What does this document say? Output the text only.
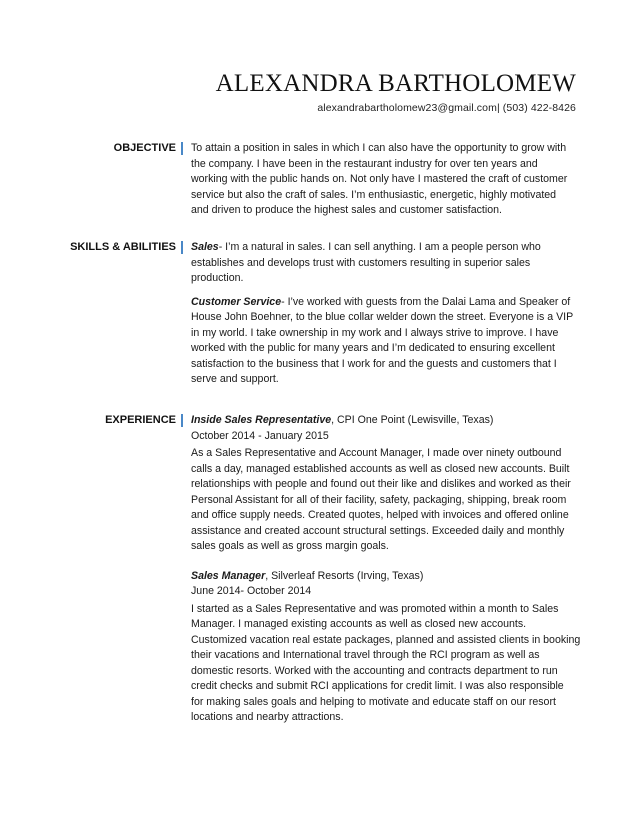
ALEXANDRA BARTHOLOMEW
alexandrabartholomew23@gmail.com| (503) 422-8426
OBJECTIVE To attain a position in sales in which I can also have the opportunity to grow with

the company. I have been in the restaurant industry for over ten years and

working with the public hands on. Not only have I mastered the craft of customer

service but also the craft of sales. I’m enthusiastic, energetic, highly motivated

and driven to produce the highest sales and customer satisfaction.

SKILLS & ABILITIES Sales- I’m a natural in sales. I can sell anything. I am a people person who

establishes and develops trust with customers resulting in superior sales

production.

Customer Service- I’ve worked with guests from the Dalai Lama and Speaker of

House John Boehner, to the blue collar welder down the street. Everyone is a VIP

in my world. I take ownership in my work and I always strive to improve. I have

worked with the public for many years and I’m dedicated to ensuring excellent

satisfaction to the business that I work for and the guests and customers that I

serve and support.

EXPERIENCE Inside Sales Representative, CPI One Point (Lewisville, Texas)

October 2014 - January 2015

As a Sales Representative and Account Manager, I made over ninety outbound

calls a day, managed established accounts as well as closed new accounts. Built

relationships with people and found out their like and dislikes and worked as their

Personal Assistant for all of their facility, safety, packaging, shipping, break room

and office supply needs. Created quotes, helped with invoices and offered online

assistance and created account structural settings. Exceeded daily and monthly

sales goals as well as gross margin goals.

Sales Manager, Silverleaf Resorts (Irving, Texas)

June 2014- October 2014

I started as a Sales Representative and was promoted within a month to Sales

Manager. I managed existing accounts as well as closed new accounts.

Customized vacation real estate packages, planned and assisted clients in booking

their vacations and International travel through the RCI program as well as

domestic resorts. Worked with the accounting and contracts department to run

credit checks and submit RCI applications for credit limit. I was also responsible

for making sales goals and helping to motivate and educate staff on our resort

locations and nearby attractions.
